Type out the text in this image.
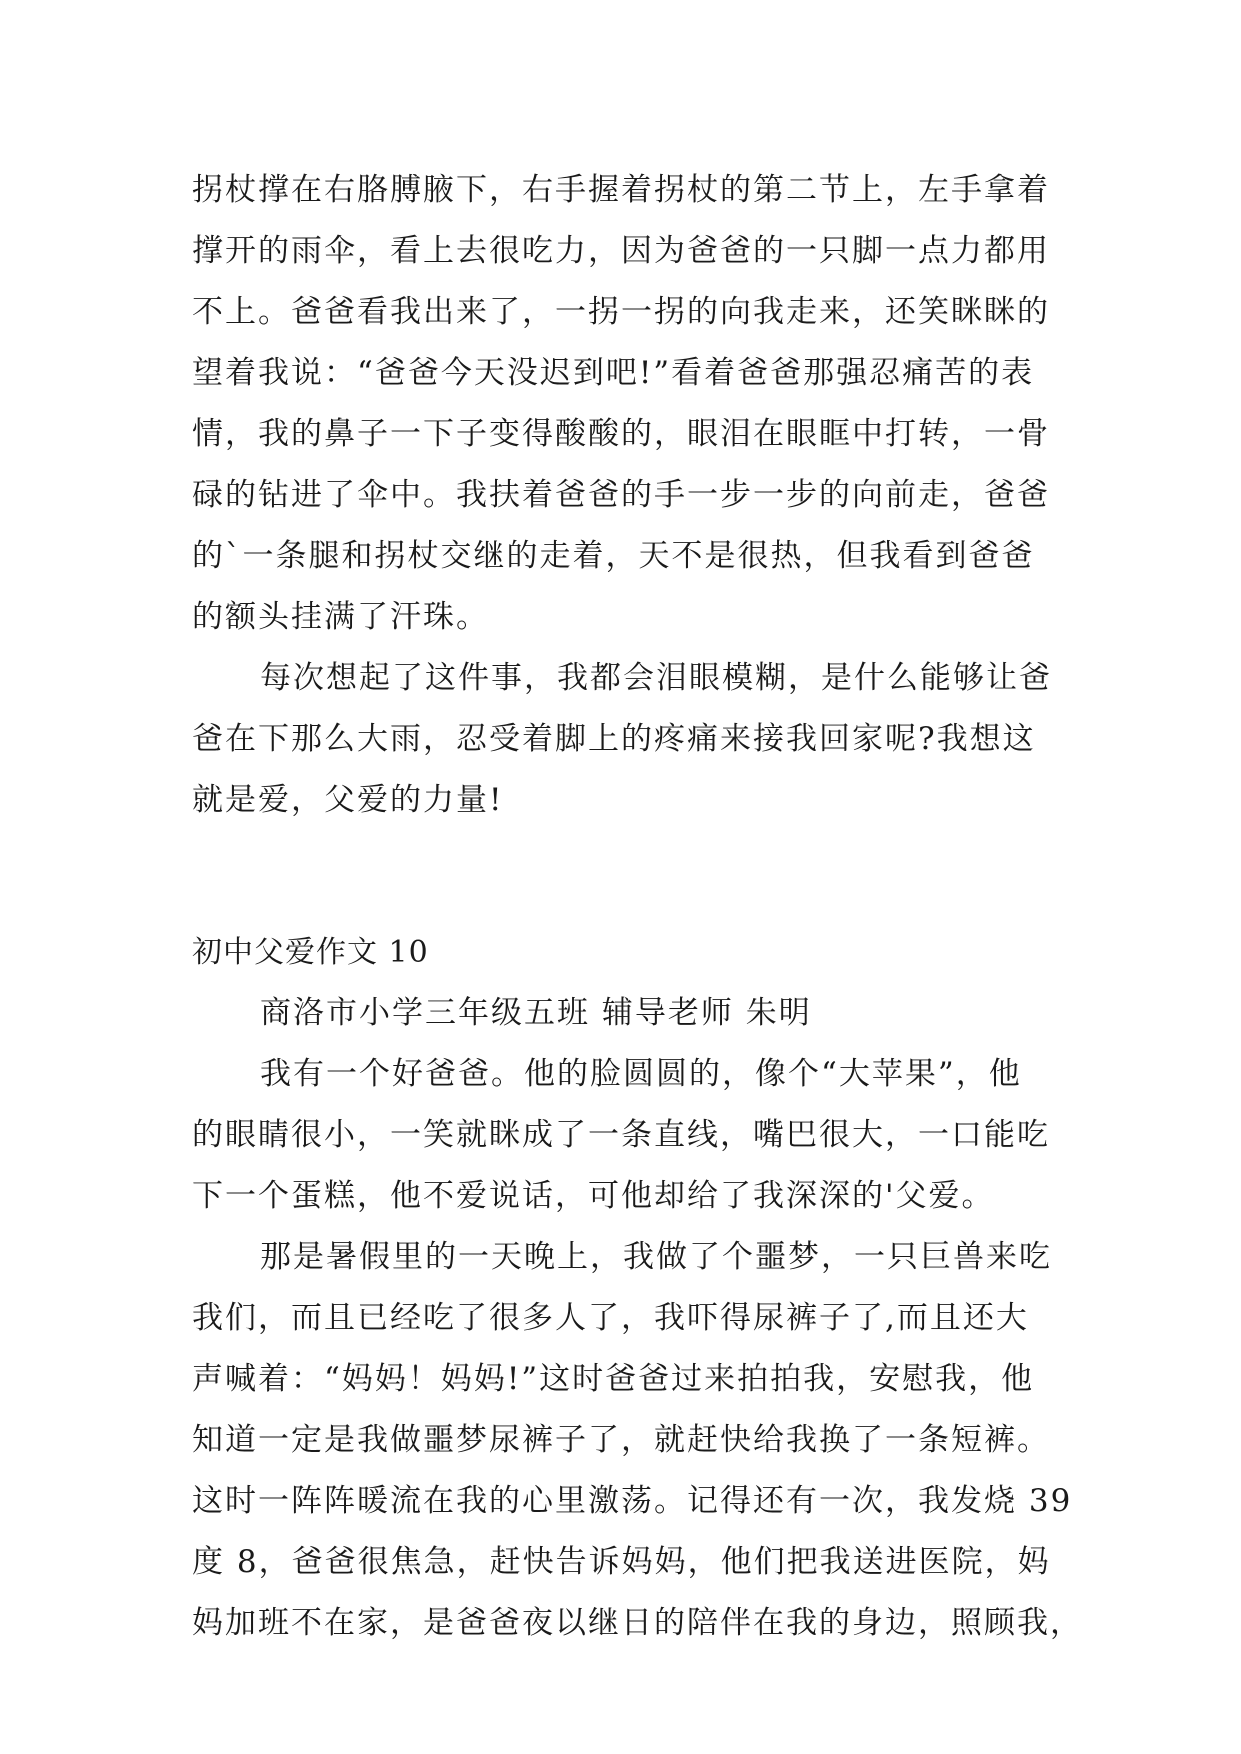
拐杖撑在右胳膊腋下，右手握着拐杖的第二节上，左手拿着
撑开的雨伞，看上去很吃力，因为爸爸的一只脚一点力都用
不上。爸爸看我出来了，一拐一拐的向我走来，还笑眯眯的
望着我说：“爸爸今天没迟到吧!”看着爸爸那强忍痛苦的表
情，我的鼻子一下子变得酸酸的，眼泪在眼眶中打转，一骨
碌的钻进了伞中。我扶着爸爸的手一步一步的向前走，爸爸
的`一条腿和拐杖交继的走着，天不是很热，但我看到爸爸
的额头挂满了汗珠。
每次想起了这件事，我都会泪眼模糊，是什么能够让爸
爸在下那么大雨，忍受着脚上的疼痛来接我回家呢?我想这
就是爱，父爱的力量!
初中父爱作文 10
商洛市小学三年级五班 辅导老师 朱明
我有一个好爸爸。他的脸圆圆的，像个“大苹果”，他
的眼睛很小，一笑就眯成了一条直线，嘴巴很大，一口能吃
下一个蛋糕，他不爱说话，可他却给了我深深的'父爱。
那是暑假里的一天晚上，我做了个噩梦，一只巨兽来吃
我们，而且已经吃了很多人了，我吓得尿裤子了,而且还大
声喊着：“妈妈！妈妈!”这时爸爸过来拍拍我，安慰我，他
知道一定是我做噩梦尿裤子了，就赶快给我换了一条短裤。
这时一阵阵暖流在我的心里激荡。记得还有一次，我发烧 39
度 8，爸爸很焦急，赶快告诉妈妈，他们把我送进医院，妈
妈加班不在家，是爸爸夜以继日的陪伴在我的身边，照顾我，
